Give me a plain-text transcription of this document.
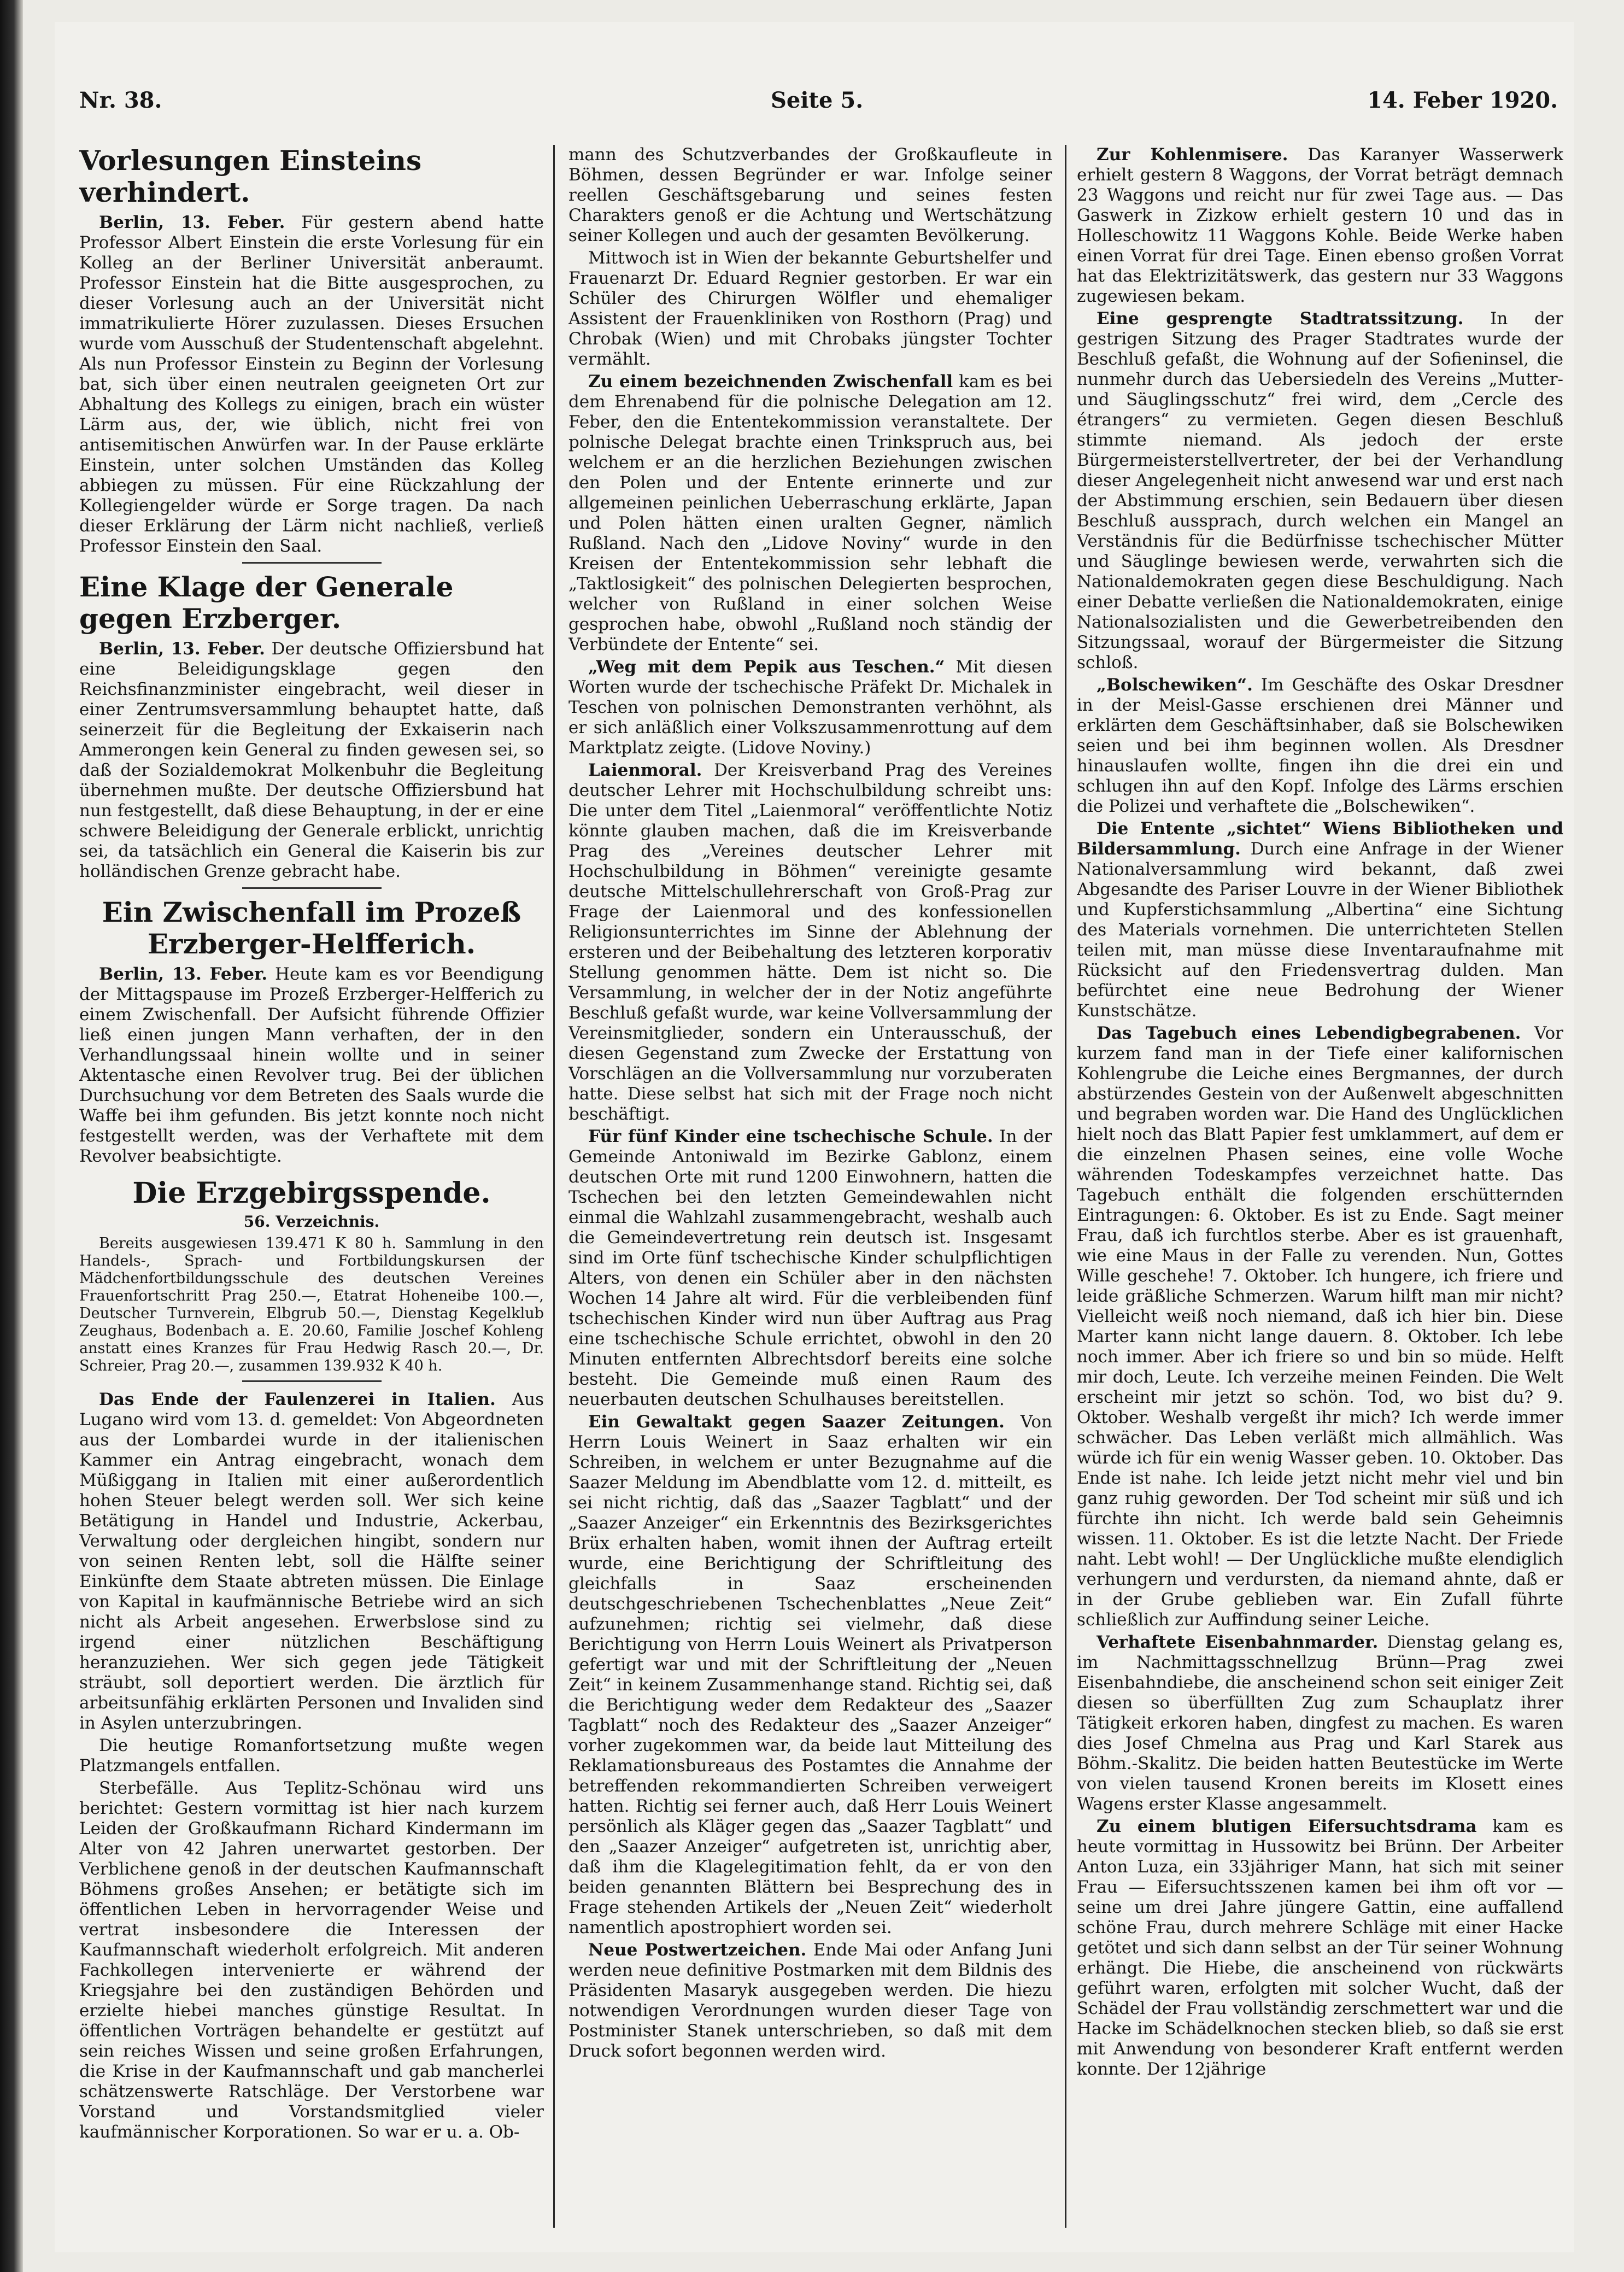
Nr. 38.	Seite 5.	14. Feber 1920.
Vorlesungen Einsteins verhindert.

Berlin, 13. Feber. Für gestern abend hatte Professor Albert Einstein die erste Vorlesung für ein Kolleg an der Berliner Universität anberaumt. Professor Einstein hat die Bitte ausgesprochen, zu dieser Vorlesung auch an der Universität nicht immatrikulierte Hörer zuzulassen. Dieses Ersuchen wurde vom Ausschuß der Studentenschaft abgelehnt. Als nun Professor Einstein zu Beginn der Vorlesung bat, sich über einen neutralen geeigneten Ort zur Abhaltung des Kollegs zu einigen, brach ein wüster Lärm aus, der, wie üblich, nicht frei von antisemitischen Anwürfen war. In der Pause erklärte Einstein, unter solchen Umständen das Kolleg abbiegen zu müssen. Für eine Rückzahlung der Kollegiengelder würde er Sorge tragen. Da nach dieser Erklärung der Lärm nicht nachließ, verließ Professor Einstein den Saal.

Eine Klage der Generale gegen Erzberger.

Berlin, 13. Feber. Der deutsche Offiziersbund hat eine Beleidigungsklage gegen den Reichsfinanzminister eingebracht, weil dieser in einer Zentrumsversammlung behauptet hatte, daß seinerzeit für die Begleitung der Exkaiserin nach Ammerongen kein General zu finden gewesen sei, so daß der Sozialdemokrat Molkenbuhr die Begleitung übernehmen mußte. Der deutsche Offiziersbund hat nun festgestellt, daß diese Behauptung, in der er eine schwere Beleidigung der Generale erblickt, unrichtig sei, da tatsächlich ein General die Kaiserin bis zur holländischen Grenze gebracht habe.

Ein Zwischenfall im Prozeß Erzberger-Helfferich.

Berlin, 13. Feber. Heute kam es vor Beendigung der Mittagspause im Prozeß Erzberger-Helfferich zu einem Zwischenfall. Der Aufsicht führende Offizier ließ einen jungen Mann verhaften, der in den Verhandlungssaal hinein wollte und in seiner Aktentasche einen Revolver trug. Bei der üblichen Durchsuchung vor dem Betreten des Saals wurde die Waffe bei ihm gefunden. Bis jetzt konnte noch nicht festgestellt werden, was der Verhaftete mit dem Revolver beabsichtigte.

Die Erzgebirgsspende.
56. Verzeichnis.

Bereits ausgewiesen 139.471 K 80 h. Sammlung in den Handels-, Sprach- und Fortbildungskursen der Mädchenfortbildungsschule des deutschen Vereines Frauenfortschritt Prag 250.—, Etatrat Hoheneibe 100.—, Deutscher Turnverein, Elbgrub 50.—, Dienstag Kegelklub Zeughaus, Bodenbach a. E. 20.60, Familie Joschef Kohleng anstatt eines Kranzes für Frau Hedwig Rasch 20.—, Dr. Schreier, Prag 20.—, zusammen 139.932 K 40 h.

Das Ende der Faulenzerei in Italien. Aus Lugano wird vom 13. d. gemeldet: Von Abgeordneten aus der Lombardei wurde in der italienischen Kammer ein Antrag eingebracht, wonach dem Müßiggang in Italien mit einer außerordentlich hohen Steuer belegt werden soll. Wer sich keine Betätigung in Handel und Industrie, Ackerbau, Verwaltung oder dergleichen hingibt, sondern nur von seinen Renten lebt, soll die Hälfte seiner Einkünfte dem Staate abtreten müssen. Die Einlage von Kapital in kaufmännische Betriebe wird an sich nicht als Arbeit angesehen. Erwerbslose sind zu irgend einer nützlichen Beschäftigung heranzuziehen. Wer sich gegen jede Tätigkeit sträubt, soll deportiert werden. Die ärztlich für arbeitsunfähig erklärten Personen und Invaliden sind in Asylen unterzubringen.

Die heutige Romanfortsetzung mußte wegen Platzmangels entfallen.

Sterbefälle. Aus Teplitz-Schönau wird uns berichtet: Gestern vormittag ist hier nach kurzem Leiden der Großkaufmann Richard Kindermann im Alter von 42 Jahren unerwartet gestorben. Der Verblichene genoß in der deutschen Kaufmannschaft Böhmens großes Ansehen; er betätigte sich im öffentlichen Leben in hervorragender Weise und vertrat insbesondere die Interessen der Kaufmannschaft wiederholt erfolgreich. Mit anderen Fachkollegen intervenierte er während der Kriegsjahre bei den zuständigen Behörden und erzielte hiebei manches günstige Resultat. In öffentlichen Vorträgen behandelte er gestützt auf sein reiches Wissen und seine großen Erfahrungen, die Krise in der Kaufmannschaft und gab mancherlei schätzenswerte Ratschläge. Der Verstorbene war Vorstand und Vorstandsmitglied vieler kaufmännischer Korporationen. So war er u. a. Ob-

mann des Schutzverbandes der Großkaufleute in Böhmen, dessen Begründer er war. Infolge seiner reellen Geschäftsgebarung und seines festen Charakters genoß er die Achtung und Wertschätzung seiner Kollegen und auch der gesamten Bevölkerung.

Mittwoch ist in Wien der bekannte Geburtshelfer und Frauenarzt Dr. Eduard Regnier gestorben. Er war ein Schüler des Chirurgen Wölfler und ehemaliger Assistent der Frauenkliniken von Rosthorn (Prag) und Chrobak (Wien) und mit Chrobaks jüngster Tochter vermählt.

Zu einem bezeichnenden Zwischenfall kam es bei dem Ehrenabend für die polnische Delegation am 12. Feber, den die Ententekommission veranstaltete. Der polnische Delegat brachte einen Trinkspruch aus, bei welchem er an die herzlichen Beziehungen zwischen den Polen und der Entente erinnerte und zur allgemeinen peinlichen Ueberraschung erklärte, Japan und Polen hätten einen uralten Gegner, nämlich Rußland. Nach den „Lidove Noviny“ wurde in den Kreisen der Ententekommission sehr lebhaft die „Taktlosigkeit“ des polnischen Delegierten besprochen, welcher von Rußland in einer solchen Weise gesprochen habe, obwohl „Rußland noch ständig der Verbündete der Entente“ sei.

„Weg mit dem Pepik aus Teschen.“ Mit diesen Worten wurde der tschechische Präfekt Dr. Michalek in Teschen von polnischen Demonstranten verhöhnt, als er sich anläßlich einer Volkszusammenrottung auf dem Marktplatz zeigte. (Lidove Noviny.)

Laienmoral. Der Kreisverband Prag des Vereines deutscher Lehrer mit Hochschulbildung schreibt uns: Die unter dem Titel „Laienmoral“ veröffentlichte Notiz könnte glauben machen, daß die im Kreisverbande Prag des „Vereines deutscher Lehrer mit Hochschulbildung in Böhmen“ vereinigte gesamte deutsche Mittelschullehrerschaft von Groß-Prag zur Frage der Laienmoral und des konfessionellen Religionsunterrichtes im Sinne der Ablehnung der ersteren und der Beibehaltung des letzteren korporativ Stellung genommen hätte. Dem ist nicht so. Die Versammlung, in welcher der in der Notiz angeführte Beschluß gefaßt wurde, war keine Vollversammlung der Vereinsmitglieder, sondern ein Unterausschuß, der diesen Gegenstand zum Zwecke der Erstattung von Vorschlägen an die Vollversammlung nur vorzuberaten hatte. Diese selbst hat sich mit der Frage noch nicht beschäftigt.

Für fünf Kinder eine tschechische Schule. In der Gemeinde Antoniwald im Bezirke Gablonz, einem deutschen Orte mit rund 1200 Einwohnern, hatten die Tschechen bei den letzten Gemeindewahlen nicht einmal die Wahlzahl zusammengebracht, weshalb auch die Gemeindevertretung rein deutsch ist. Insgesamt sind im Orte fünf tschechische Kinder schulpflichtigen Alters, von denen ein Schüler aber in den nächsten Wochen 14 Jahre alt wird. Für die verbleibenden fünf tschechischen Kinder wird nun über Auftrag aus Prag eine tschechische Schule errichtet, obwohl in den 20 Minuten entfernten Albrechtsdorf bereits eine solche besteht. Die Gemeinde muß einen Raum des neuerbauten deutschen Schulhauses bereitstellen.

Ein Gewaltakt gegen Saazer Zeitungen. Von Herrn Louis Weinert in Saaz erhalten wir ein Schreiben, in welchem er unter Bezugnahme auf die Saazer Meldung im Abendblatte vom 12. d. mitteilt, es sei nicht richtig, daß das „Saazer Tagblatt“ und der „Saazer Anzeiger“ ein Erkenntnis des Bezirksgerichtes Brüx erhalten haben, womit ihnen der Auftrag erteilt wurde, eine Berichtigung der Schriftleitung des gleichfalls in Saaz erscheinenden deutschgeschriebenen Tschechenblattes „Neue Zeit“ aufzunehmen; richtig sei vielmehr, daß diese Berichtigung von Herrn Louis Weinert als Privatperson gefertigt war und mit der Schriftleitung der „Neuen Zeit“ in keinem Zusammenhange stand. Richtig sei, daß die Berichtigung weder dem Redakteur des „Saazer Tagblatt“ noch des Redakteur des „Saazer Anzeiger“ vorher zugekommen war, da beide laut Mitteilung des Reklamationsbureaus des Postamtes die Annahme der betreffenden rekommandierten Schreiben verweigert hatten. Richtig sei ferner auch, daß Herr Louis Weinert persönlich als Kläger gegen das „Saazer Tagblatt“ und den „Saazer Anzeiger“ aufgetreten ist, unrichtig aber, daß ihm die Klagelegitimation fehlt, da er von den beiden genannten Blättern bei Besprechung des in Frage stehenden Artikels der „Neuen Zeit“ wiederholt namentlich apostrophiert worden sei.

Neue Postwertzeichen. Ende Mai oder Anfang Juni werden neue definitive Postmarken mit dem Bildnis des Präsidenten Masaryk ausgegeben werden. Die hiezu notwendigen Verordnungen wurden dieser Tage von Postminister Stanek unterschrieben, so daß mit dem Druck sofort begonnen werden wird.

Zur Kohlenmisere. Das Karanyer Wasserwerk erhielt gestern 8 Waggons, der Vorrat beträgt demnach 23 Waggons und reicht nur für zwei Tage aus. — Das Gaswerk in Zizkow erhielt gestern 10 und das in Holleschowitz 11 Waggons Kohle. Beide Werke haben einen Vorrat für drei Tage. Einen ebenso großen Vorrat hat das Elektrizitätswerk, das gestern nur 33 Waggons zugewiesen bekam.

Eine gesprengte Stadtratssitzung. In der gestrigen Sitzung des Prager Stadtrates wurde der Beschluß gefaßt, die Wohnung auf der Sofieninsel, die nunmehr durch das Uebersiedeln des Vereins „Mutter- und Säuglingsschutz“ frei wird, dem „Cercle des étrangers“ zu vermieten. Gegen diesen Beschluß stimmte niemand. Als jedoch der erste Bürgermeisterstellvertreter, der bei der Verhandlung dieser Angelegenheit nicht anwesend war und erst nach der Abstimmung erschien, sein Bedauern über diesen Beschluß aussprach, durch welchen ein Mangel an Verständnis für die Bedürfnisse tschechischer Mütter und Säuglinge bewiesen werde, verwahrten sich die Nationaldemokraten gegen diese Beschuldigung. Nach einer Debatte verließen die Nationaldemokraten, einige Nationalsozialisten und die Gewerbetreibenden den Sitzungssaal, worauf der Bürgermeister die Sitzung schloß.

„Bolschewiken“. Im Geschäfte des Oskar Dresdner in der Meisl-Gasse erschienen drei Männer und erklärten dem Geschäftsinhaber, daß sie Bolschewiken seien und bei ihm beginnen wollen. Als Dresdner hinauslaufen wollte, fingen ihn die drei ein und schlugen ihn auf den Kopf. Infolge des Lärms erschien die Polizei und verhaftete die „Bolschewiken“.

Die Entente „sichtet“ Wiens Bibliotheken und Bildersammlung. Durch eine Anfrage in der Wiener Nationalversammlung wird bekannt, daß zwei Abgesandte des Pariser Louvre in der Wiener Bibliothek und Kupferstichsammlung „Albertina“ eine Sichtung des Materials vornehmen. Die unterrichteten Stellen teilen mit, man müsse diese Inventaraufnahme mit Rücksicht auf den Friedensvertrag dulden. Man befürchtet eine neue Bedrohung der Wiener Kunstschätze.

Das Tagebuch eines Lebendigbegrabenen. Vor kurzem fand man in der Tiefe einer kalifornischen Kohlengrube die Leiche eines Bergmannes, der durch abstürzendes Gestein von der Außenwelt abgeschnitten und begraben worden war. Die Hand des Unglücklichen hielt noch das Blatt Papier fest umklammert, auf dem er die einzelnen Phasen seines, eine volle Woche währenden Todeskampfes verzeichnet hatte. Das Tagebuch enthält die folgenden erschütternden Eintragungen: 6. Oktober. Es ist zu Ende. Sagt meiner Frau, daß ich furchtlos sterbe. Aber es ist grauenhaft, wie eine Maus in der Falle zu verenden. Nun, Gottes Wille geschehe! 7. Oktober. Ich hungere, ich friere und leide gräßliche Schmerzen. Warum hilft man mir nicht? Vielleicht weiß noch niemand, daß ich hier bin. Diese Marter kann nicht lange dauern. 8. Oktober. Ich lebe noch immer. Aber ich friere so und bin so müde. Helft mir doch, Leute. Ich verzeihe meinen Feinden. Die Welt erscheint mir jetzt so schön. Tod, wo bist du? 9. Oktober. Weshalb vergeßt ihr mich? Ich werde immer schwächer. Das Leben verläßt mich allmählich. Was würde ich für ein wenig Wasser geben. 10. Oktober. Das Ende ist nahe. Ich leide jetzt nicht mehr viel und bin ganz ruhig geworden. Der Tod scheint mir süß und ich fürchte ihn nicht. Ich werde bald sein Geheimnis wissen. 11. Oktober. Es ist die letzte Nacht. Der Friede naht. Lebt wohl! — Der Unglückliche mußte elendiglich verhungern und verdursten, da niemand ahnte, daß er in der Grube geblieben war. Ein Zufall führte schließlich zur Auffindung seiner Leiche.

Verhaftete Eisenbahnmarder. Dienstag gelang es, im Nachmittagsschnellzug Brünn—Prag zwei Eisenbahndiebe, die anscheinend schon seit einiger Zeit diesen so überfüllten Zug zum Schauplatz ihrer Tätigkeit erkoren haben, dingfest zu machen. Es waren dies Josef Chmelna aus Prag und Karl Starek aus Böhm.-Skalitz. Die beiden hatten Beutestücke im Werte von vielen tausend Kronen bereits im Klosett eines Wagens erster Klasse angesammelt.

Zu einem blutigen Eifersuchtsdrama kam es heute vormittag in Hussowitz bei Brünn. Der Arbeiter Anton Luza, ein 33jähriger Mann, hat sich mit seiner Frau — Eifersuchtsszenen kamen bei ihm oft vor — seine um drei Jahre jüngere Gattin, eine auffallend schöne Frau, durch mehrere Schläge mit einer Hacke getötet und sich dann selbst an der Tür seiner Wohnung erhängt. Die Hiebe, die anscheinend von rückwärts geführt waren, erfolgten mit solcher Wucht, daß der Schädel der Frau vollständig zerschmettert war und die Hacke im Schädelknochen stecken blieb, so daß sie erst mit Anwendung von besonderer Kraft entfernt werden konnte. Der 12jährige
